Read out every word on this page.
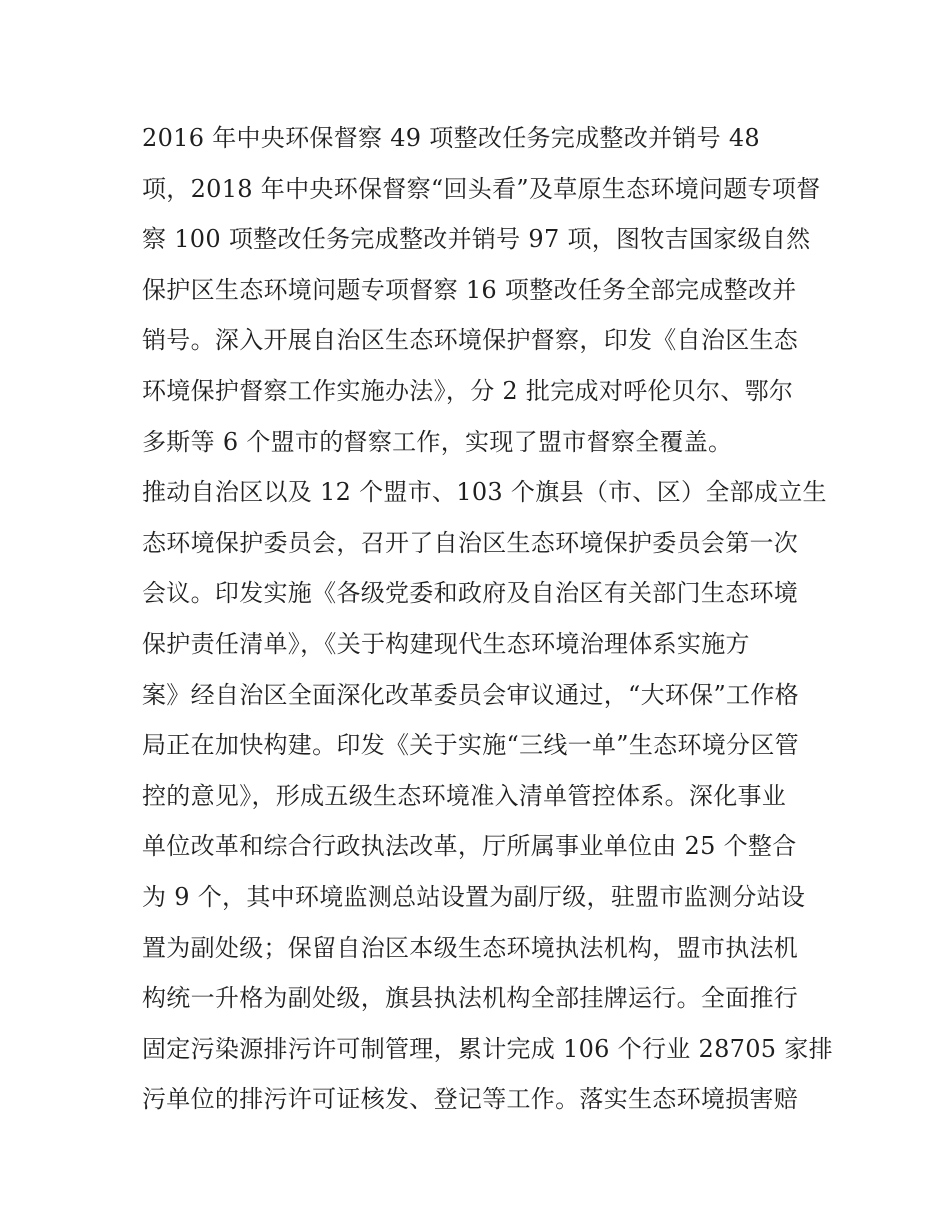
2016 年中央环保督察 49 项整改任务完成整改并销号 48
项，2018 年中央环保督察“回头看”及草原生态环境问题专项督
察 100 项整改任务完成整改并销号 97 项，图牧吉国家级自然
保护区生态环境问题专项督察 16 项整改任务全部完成整改并
销号。深入开展自治区生态环境保护督察，印发《自治区生态
环境保护督察工作实施办法》，分 2 批完成对呼伦贝尔、鄂尔
多斯等 6 个盟市的督察工作，实现了盟市督察全覆盖。
推动自治区以及 12 个盟市、103 个旗县（市、区）全部成立生
态环境保护委员会，召开了自治区生态环境保护委员会第一次
会议。印发实施《各级党委和政府及自治区有关部门生态环境
保护责任清单》，《关于构建现代生态环境治理体系实施方
案》经自治区全面深化改革委员会审议通过，“大环保”工作格
局正在加快构建。印发《关于实施“三线一单”生态环境分区管
控的意见》，形成五级生态环境准入清单管控体系。深化事业
单位改革和综合行政执法改革，厅所属事业单位由 25 个整合
为 9 个，其中环境监测总站设置为副厅级，驻盟市监测分站设
置为副处级；保留自治区本级生态环境执法机构，盟市执法机
构统一升格为副处级，旗县执法机构全部挂牌运行。全面推行
固定污染源排污许可制管理，累计完成 106 个行业 28705 家排
污单位的排污许可证核发、登记等工作。落实生态环境损害赔
